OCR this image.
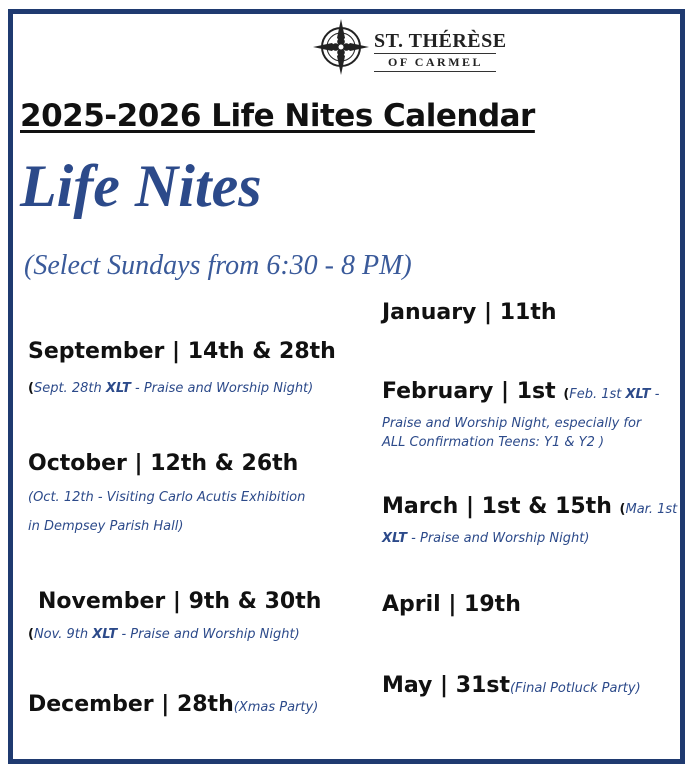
ST. THÉRÈSE
OF CARMEL
2025-2026 Life Nites Calendar
Life Nites
(Select Sundays from 6:30 - 8 PM)
September | 14th & 28th
(Sept. 28th XLT - Praise and Worship Night)
October | 12th & 26th
(Oct. 12th - Visiting Carlo Acutis Exhibition
in Dempsey Parish Hall)
November | 9th & 30th
(Nov. 9th XLT - Praise and Worship Night)
December | 28th(Xmas Party)
January | 11th
February | 1st (Feb. 1st XLT -
Praise and Worship Night, especially for
ALL Confirmation Teens: Y1 & Y2 )
March | 1st & 15th (Mar. 1st
XLT - Praise and Worship Night)
April | 19th
May | 31st(Final Potluck Party)
